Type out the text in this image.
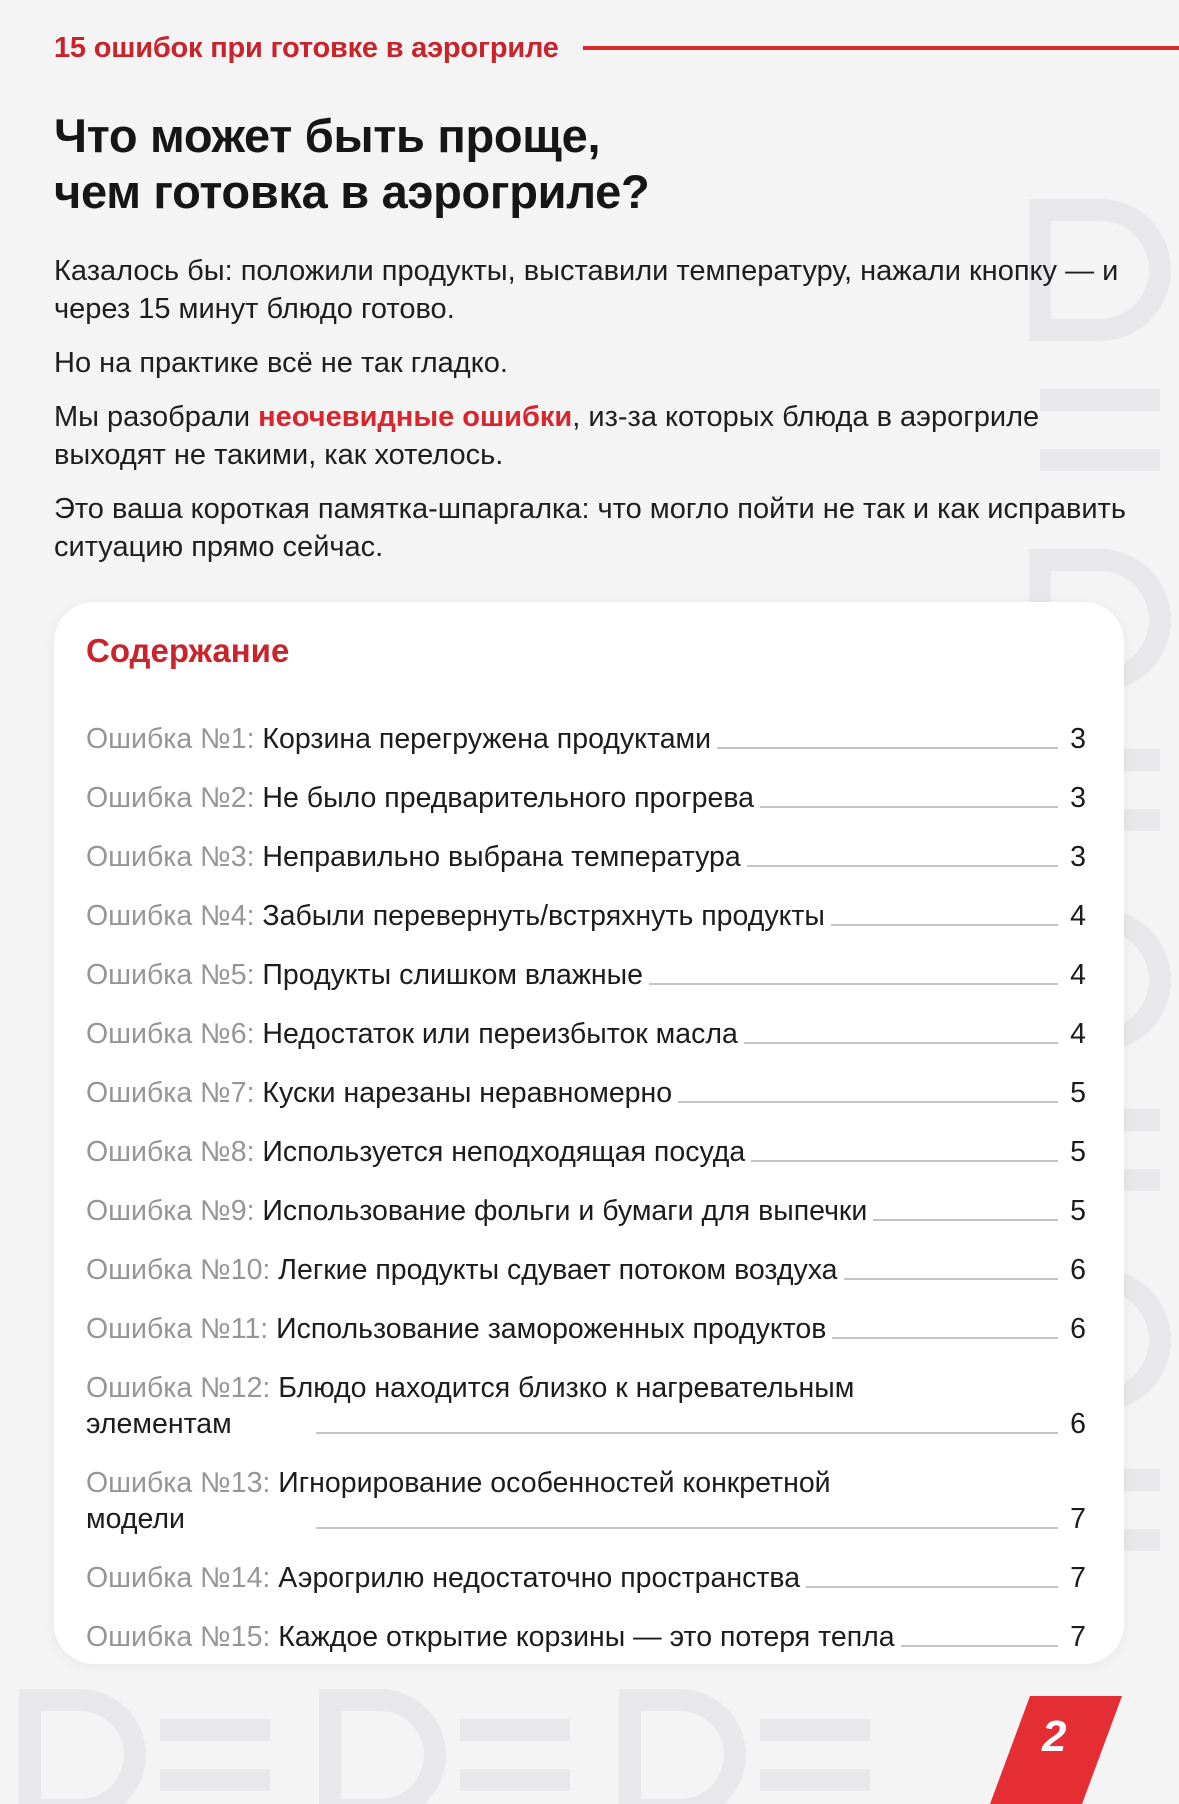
15 ошибок при готовке в аэрогриле
Что может быть проще,
чем готовка в аэрогриле?

Казалось бы: положили продукты, выставили температуру, нажали кнопку — и через 15 минут блюдо готово.

Но на практике всё не так гладко.

Мы разобрали неочевидные ошибки, из-за которых блюда в аэрогриле выходят не такими, как хотелось.

Это ваша короткая памятка-шпаргалка: что могло пойти не так и как исправить ситуацию прямо сейчас.

Содержание
Ошибка №1: Корзина перегружена продуктами	3
Ошибка №2: Не было предварительного прогрева	3
Ошибка №3: Неправильно выбрана температура	3
Ошибка №4: Забыли перевернуть/встряхнуть продукты	4
Ошибка №5: Продукты слишком влажные	4
Ошибка №6: Недостаток или переизбыток масла	4
Ошибка №7: Куски нарезаны неравномерно	5
Ошибка №8: Используется неподходящая посуда	5
Ошибка №9: Использование фольги и бумаги для выпечки	5
Ошибка №10: Легкие продукты сдувает потоком воздуха	6
Ошибка №11: Использование замороженных продуктов	6
Ошибка №12: Блюдо находится близко к нагревательным элементам	6
Ошибка №13: Игнорирование особенностей конкретной модели	7
Ошибка №14: Аэрогрилю недостаточно пространства	7
Ошибка №15: Каждое открытие корзины — это потеря тепла	7
2
